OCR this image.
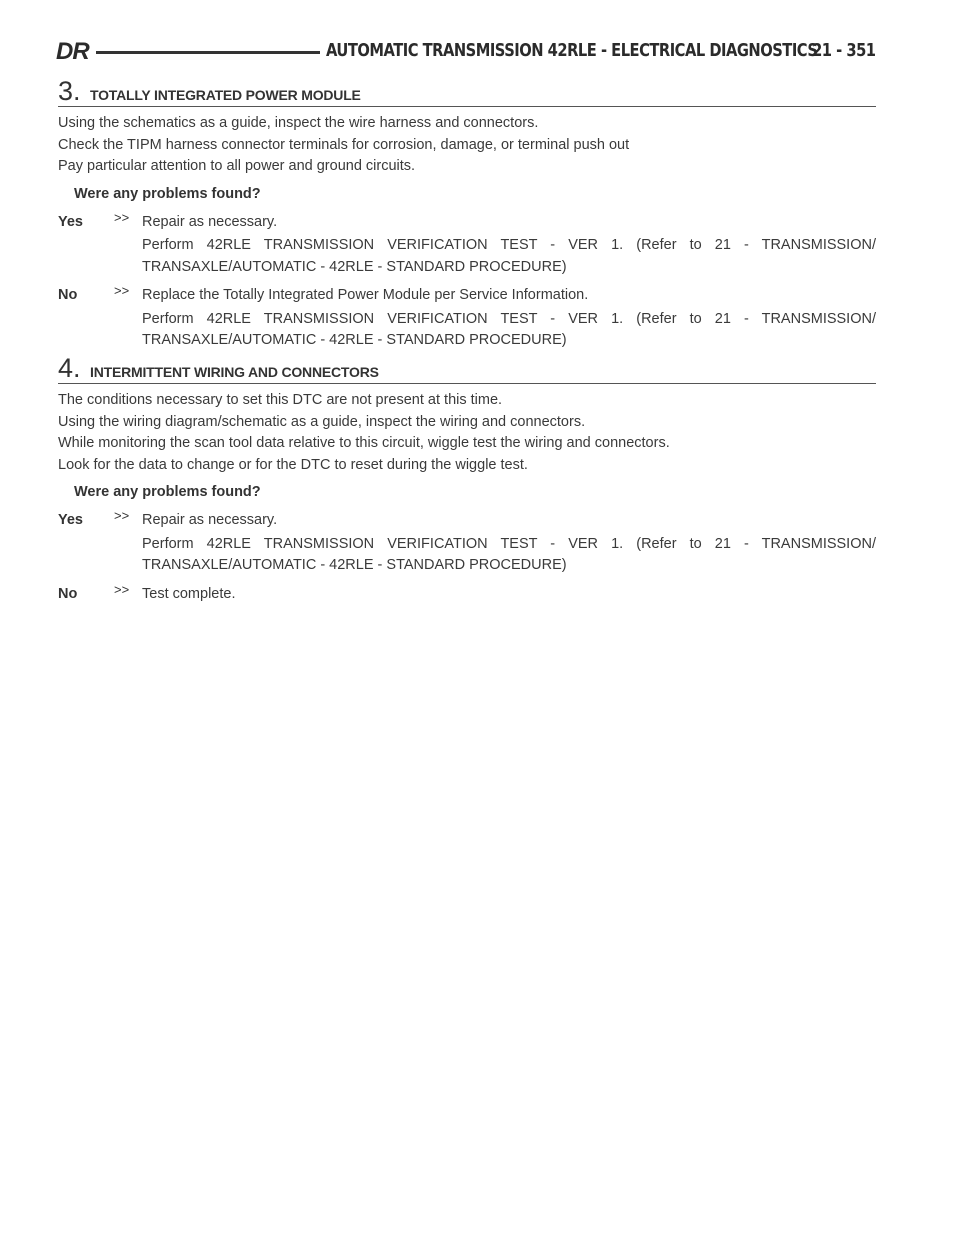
DR	AUTOMATIC TRANSMISSION 42RLE - ELECTRICAL DIAGNOSTICS
21 - 351
3. TOTALLY INTEGRATED POWER MODULE

Using the schematics as a guide, inspect the wire harness and connectors.

Check the TIPM harness connector terminals for corrosion, damage, or terminal push out

Pay particular attention to all power and ground circuits.

Were any problems found?
Yes >> Repair as necessary.

Perform 42RLE TRANSMISSION VERIFICATION TEST - VER 1. (Refer to 21 - TRANSMISSION/ TRANSAXLE/AUTOMATIC - 42RLE - STANDARD PROCEDURE)

No	>> Replace the Totally Integrated Power Module per Service Information.

Perform 42RLE TRANSMISSION VERIFICATION TEST - VER 1. (Refer to 21 - TRANSMISSION/ TRANSAXLE/AUTOMATIC - 42RLE - STANDARD PROCEDURE)

4. INTERMITTENT WIRING AND CONNECTORS

The conditions necessary to set this DTC are not present at this time.

Using the wiring diagram/schematic as a guide, inspect the wiring and connectors.

While monitoring the scan tool data relative to this circuit, wiggle test the wiring and connectors.

Look for the data to change or for the DTC to reset during the wiggle test.

Were any problems found?
Yes >> Repair as necessary.

Perform 42RLE TRANSMISSION VERIFICATION TEST - VER 1. (Refer to 21 - TRANSMISSION/ TRANSAXLE/AUTOMATIC - 42RLE - STANDARD PROCEDURE)

No	>> Test complete.
